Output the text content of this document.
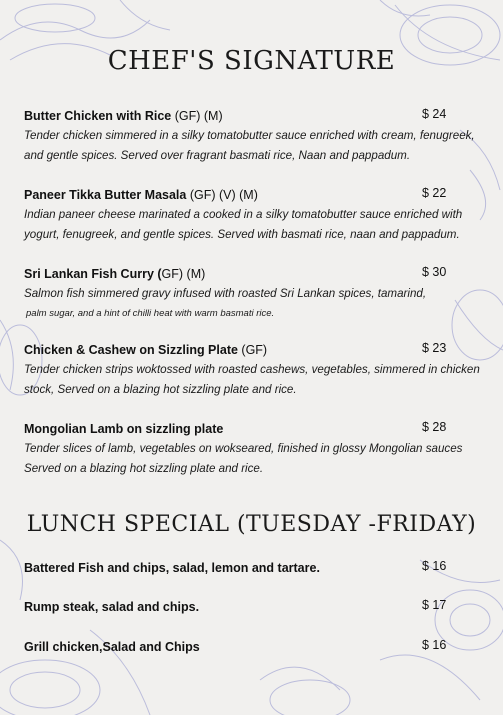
CHEF'S SIGNATURE
Butter Chicken with Rice (GF) (M)	$ 24
Tender chicken simmered in a silky tomatobutter sauce enriched with cream, fenugreek,
and gentle spices. Served over fragrant basmati rice, Naan and pappadum.
Paneer Tikka Butter Masala (GF) (V) (M)	$ 22
Indian paneer cheese marinated a cooked in a silky tomatobutter sauce enriched with
yogurt, fenugreek, and gentle spices. Served with basmati rice, naan and pappadum.
Sri Lankan Fish Curry (GF) (M)	$ 30
Salmon fish simmered gravy infused with roasted Sri Lankan spices, tamarind,
palm sugar, and a hint of chilli heat with warm basmati rice.
Chicken & Cashew on Sizzling Plate (GF)	$ 23
Tender chicken strips woktossed with roasted cashews, vegetables, simmered in chicken
stock, Served on a blazing hot sizzling plate and rice.
Mongolian Lamb on sizzling plate	$ 28
Tender slices of lamb, vegetables on wokseared, finished in glossy Mongolian sauces
Served on a blazing hot sizzling plate and rice.
LUNCH SPECIAL (TUESDAY -FRIDAY)
Battered Fish and chips, salad, lemon and tartare.	$ 16
Rump steak, salad and chips.	$ 17
Grill chicken,Salad and Chips	$ 16
